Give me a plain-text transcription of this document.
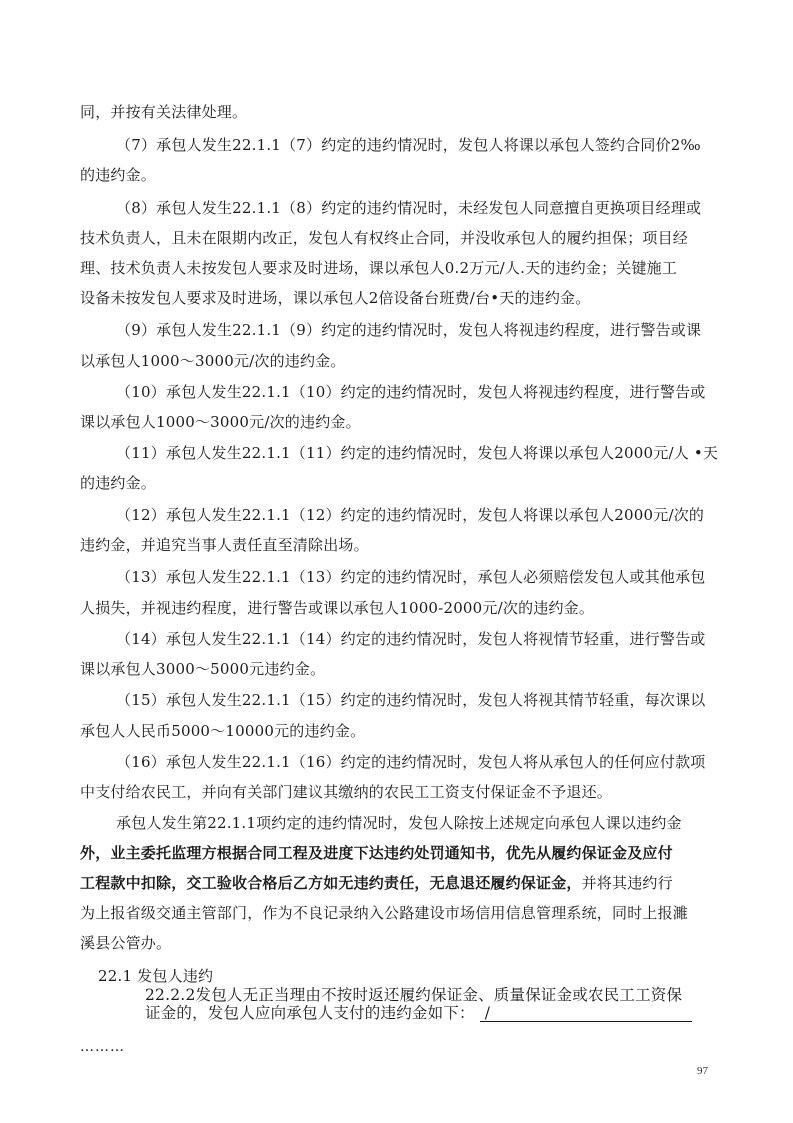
同，并按有关法律处理。

（7）承包人发生22.1.1（7）约定的违约情况时，发包人将课以承包人签约合同价2‰

的违约金。

（8）承包人发生22.1.1（8）约定的违约情况时，未经发包人同意擅自更换项目经理或

技术负责人，且未在限期内改正，发包人有权终止合同，并没收承包人的履约担保；项目经

理、技术负责人未按发包人要求及时进场，课以承包人0.2万元/人.天的违约金；关键施工

设备未按发包人要求及时进场，课以承包人2倍设备台班费/台•天的违约金。

（9）承包人发生22.1.1（9）约定的违约情况时，发包人将视违约程度，进行警告或课

以承包人1000～3000元/次的违约金。

（10）承包人发生22.1.1（10）约定的违约情况时，发包人将视违约程度，进行警告或

课以承包人1000～3000元/次的违约金。

（11）承包人发生22.1.1（11）约定的违约情况时，发包人将课以承包人2000元/人 •天

的违约金。

（12）承包人发生22.1.1（12）约定的违约情况时，发包人将课以承包人2000元/次的

违约金，并追究当事人责任直至清除出场。

（13）承包人发生22.1.1（13）约定的违约情况时，承包人必须赔偿发包人或其他承包

人损失，并视违约程度，进行警告或课以承包人1000-2000元/次的违约金。

（14）承包人发生22.1.1（14）约定的违约情况时，发包人将视情节轻重，进行警告或

课以承包人3000～5000元违约金。

（15）承包人发生22.1.1（15）约定的违约情况时，发包人将视其情节轻重，每次课以

承包人人民币5000～10000元的违约金。

（16）承包人发生22.1.1（16）约定的违约情况时，发包人将从承包人的任何应付款项

中支付给农民工，并向有关部门建议其缴纳的农民工工资支付保证金不予退还。

承包人发生第22.1.1项约定的违约情况时，发包人除按上述规定向承包人课以违约金

外，业主委托监理方根据合同工程及进度下达违约处罚通知书，优先从履约保证金及应付

工程款中扣除，交工验收合格后乙方如无违约责任，无息退还履约保证金，并将其违约行

为上报省级交通主管部门，作为不良记录纳入公路建设市场信用信息管理系统，同时上报濉

溪县公管办。

22.1 发包人违约

22.2.2发包人无正当理由不按时返还履约保证金、质量保证金或农民工工资保

证金的，发包人应向承包人支付的违约金如下： /

………
97
